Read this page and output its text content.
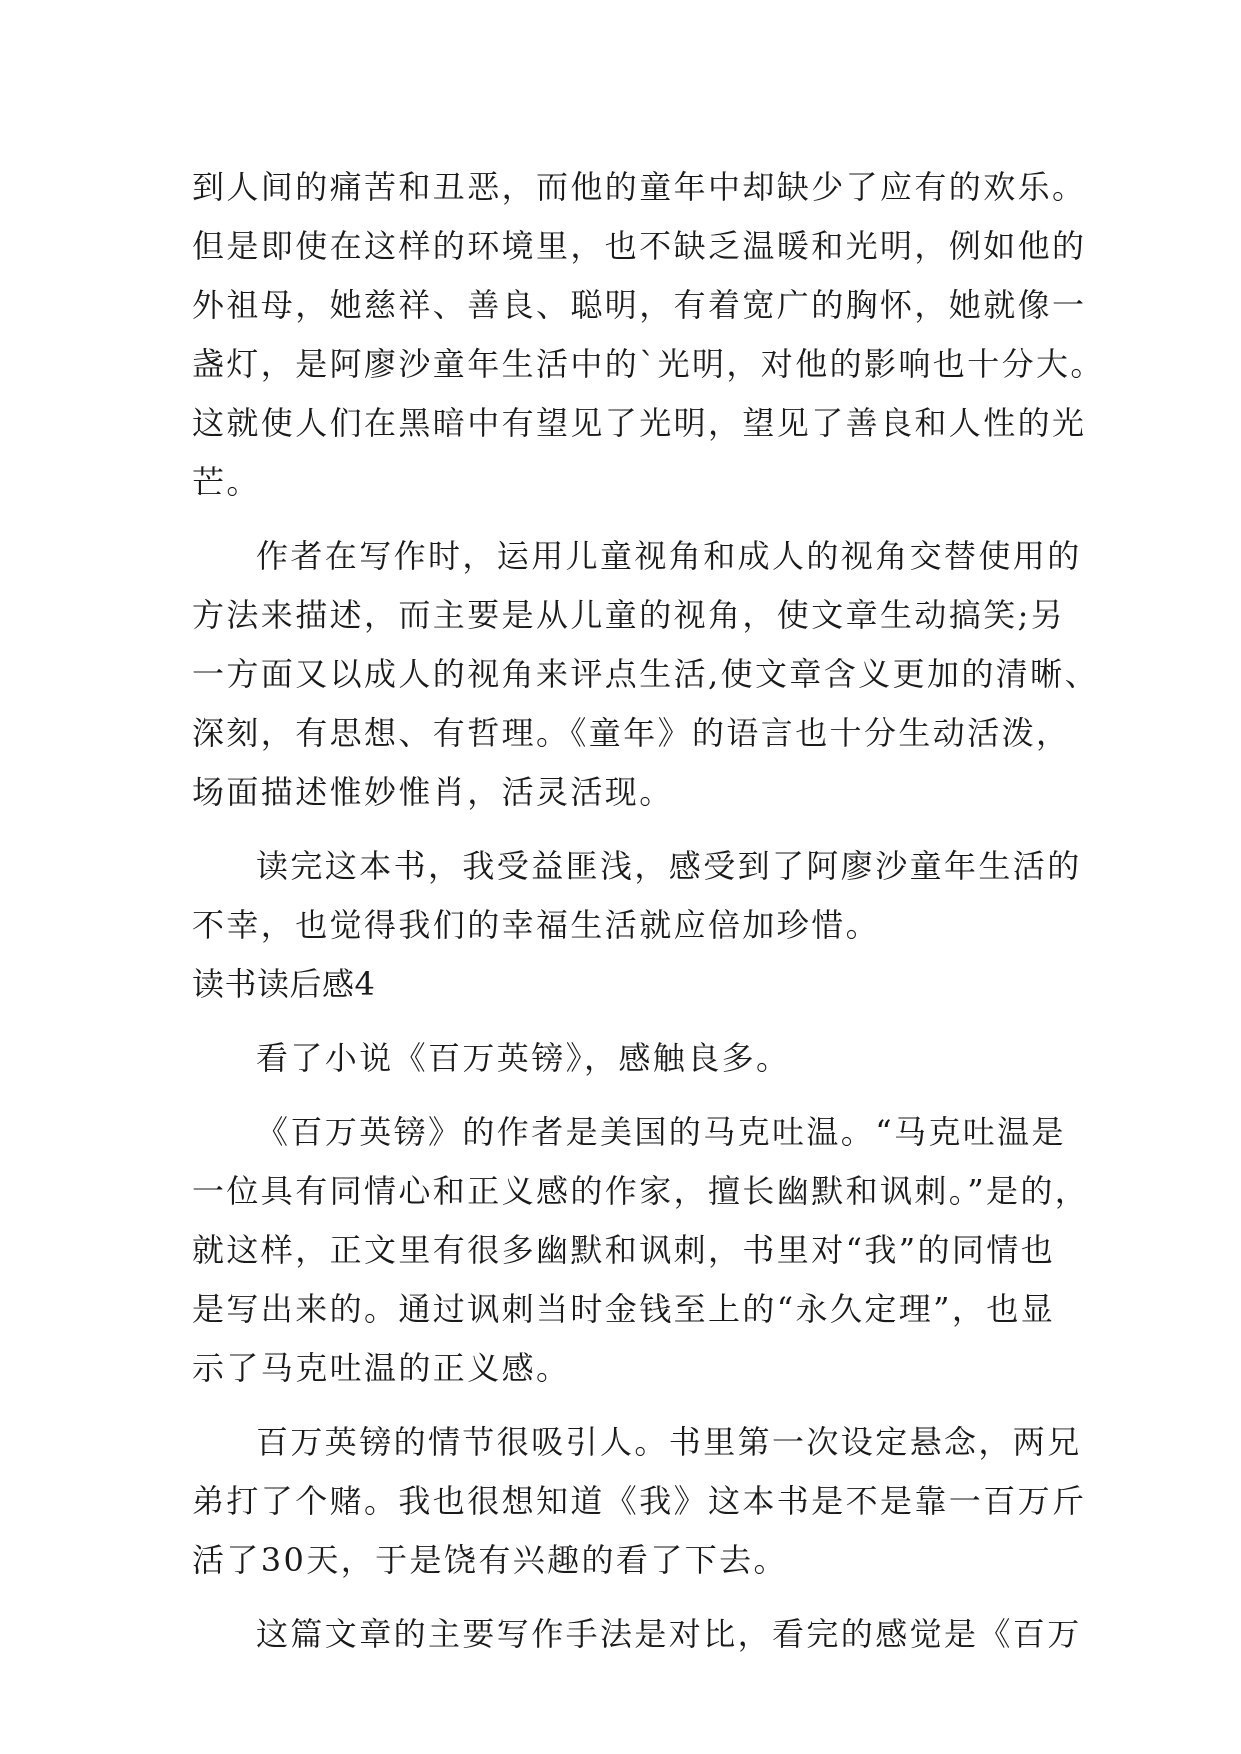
到人间的痛苦和丑恶，而他的童年中却缺少了应有的欢乐。
但是即使在这样的环境里，也不缺乏温暖和光明，例如他的
外祖母，她慈祥、善良、聪明，有着宽广的胸怀，她就像一
盏灯，是阿廖沙童年生活中的`光明，对他的影响也十分大。
这就使人们在黑暗中有望见了光明，望见了善良和人性的光
芒。
作者在写作时，运用儿童视角和成人的视角交替使用的
方法来描述，而主要是从儿童的视角，使文章生动搞笑;另
一方面又以成人的视角来评点生活,使文章含义更加的清晰、
深刻，有思想、有哲理。《童年》的语言也十分生动活泼，
场面描述惟妙惟肖，活灵活现。
读完这本书，我受益匪浅，感受到了阿廖沙童年生活的
不幸，也觉得我们的幸福生活就应倍加珍惜。
读书读后感4
看了小说《百万英镑》，感触良多。
《百万英镑》的作者是美国的马克吐温。“马克吐温是
一位具有同情心和正义感的作家，擅长幽默和讽刺。”是的，
就这样，正文里有很多幽默和讽刺，书里对“我”的同情也
是写出来的。通过讽刺当时金钱至上的“永久定理”，也显
示了马克吐温的正义感。
百万英镑的情节很吸引人。书里第一次设定悬念，两兄
弟打了个赌。我也很想知道《我》这本书是不是靠一百万斤
活了30天，于是饶有兴趣的看了下去。
这篇文章的主要写作手法是对比，看完的感觉是《百万
